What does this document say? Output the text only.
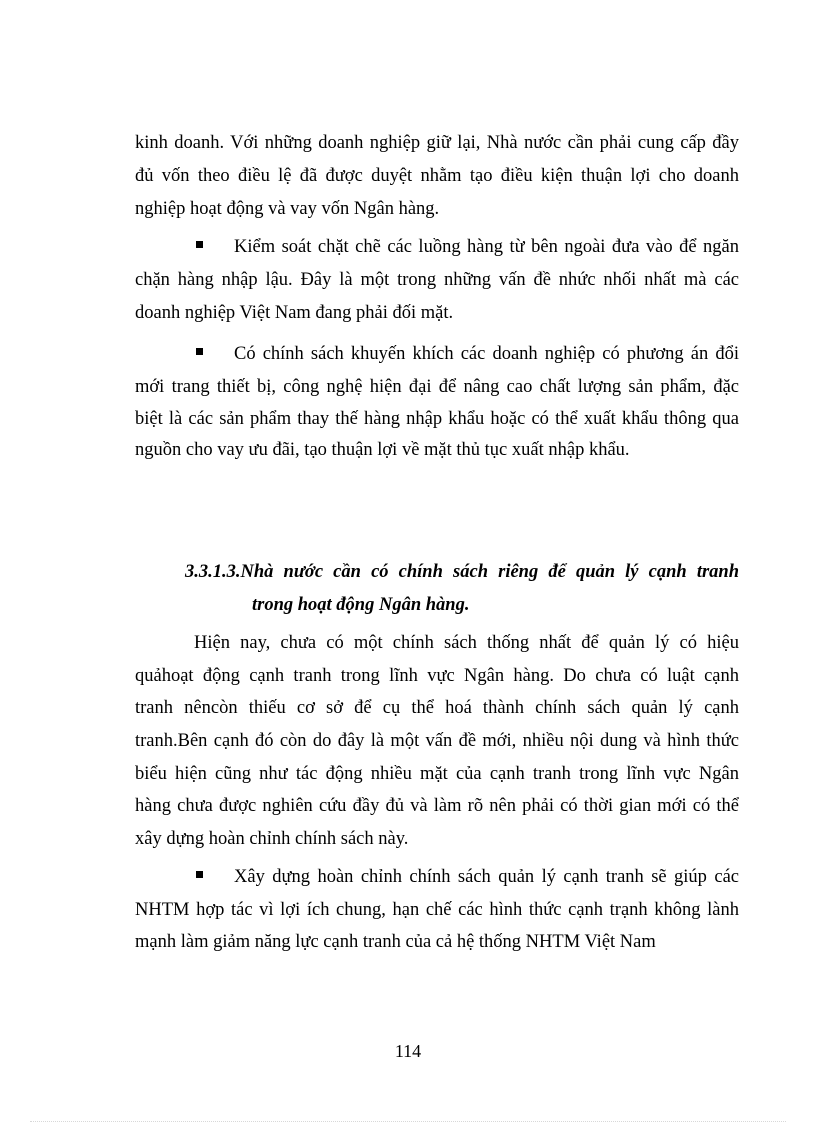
kinh doanh. Với những doanh nghiệp giữ lại, Nhà nước cần phải cung cấp đầy
đủ vốn theo điều lệ đã được duyệt nhằm tạo điều kiện thuận lợi cho doanh
nghiệp hoạt động và vay vốn Ngân hàng.
Kiểm soát chặt chẽ các luồng hàng từ bên ngoài đưa vào để ngăn
chặn hàng nhập lậu. Đây là một trong những vấn đề nhức nhối nhất mà các
doanh nghiệp Việt Nam đang phải đối mặt.
Có chính sách khuyến khích các doanh nghiệp có phương án đổi
mới trang thiết bị, công nghệ hiện đại để nâng cao chất lượng sản phẩm, đặc
biệt là các sản phẩm thay thế hàng nhập khẩu hoặc có thể xuất khẩu thông qua
nguồn cho vay ưu đãi, tạo thuận lợi về mặt thủ tục xuất nhập khẩu.
3.3.1.3.Nhà nước cần có chính sách riêng để quản lý cạnh tranh
trong hoạt động Ngân hàng.
Hiện nay, chưa có một chính sách thống nhất để quản lý có hiệu
quảhoạt động cạnh tranh trong lĩnh vực Ngân hàng. Do chưa có luật cạnh
tranh nêncòn thiếu cơ sở để cụ thể hoá thành chính sách quản lý cạnh
tranh.Bên cạnh đó còn do đây là một vấn đề mới, nhiều nội dung và hình thức
biểu hiện cũng như tác động nhiều mặt của cạnh tranh trong lĩnh vực Ngân
hàng chưa được nghiên cứu đầy đủ và làm rõ nên phải có thời gian mới có thể
xây dựng hoàn chỉnh chính sách này.
Xây dựng hoàn chỉnh chính sách quản lý cạnh tranh sẽ giúp các
NHTM hợp tác vì lợi ích chung, hạn chế các hình thức cạnh trạnh không lành
mạnh làm giảm năng lực cạnh tranh của cả hệ thống NHTM Việt Nam
114
